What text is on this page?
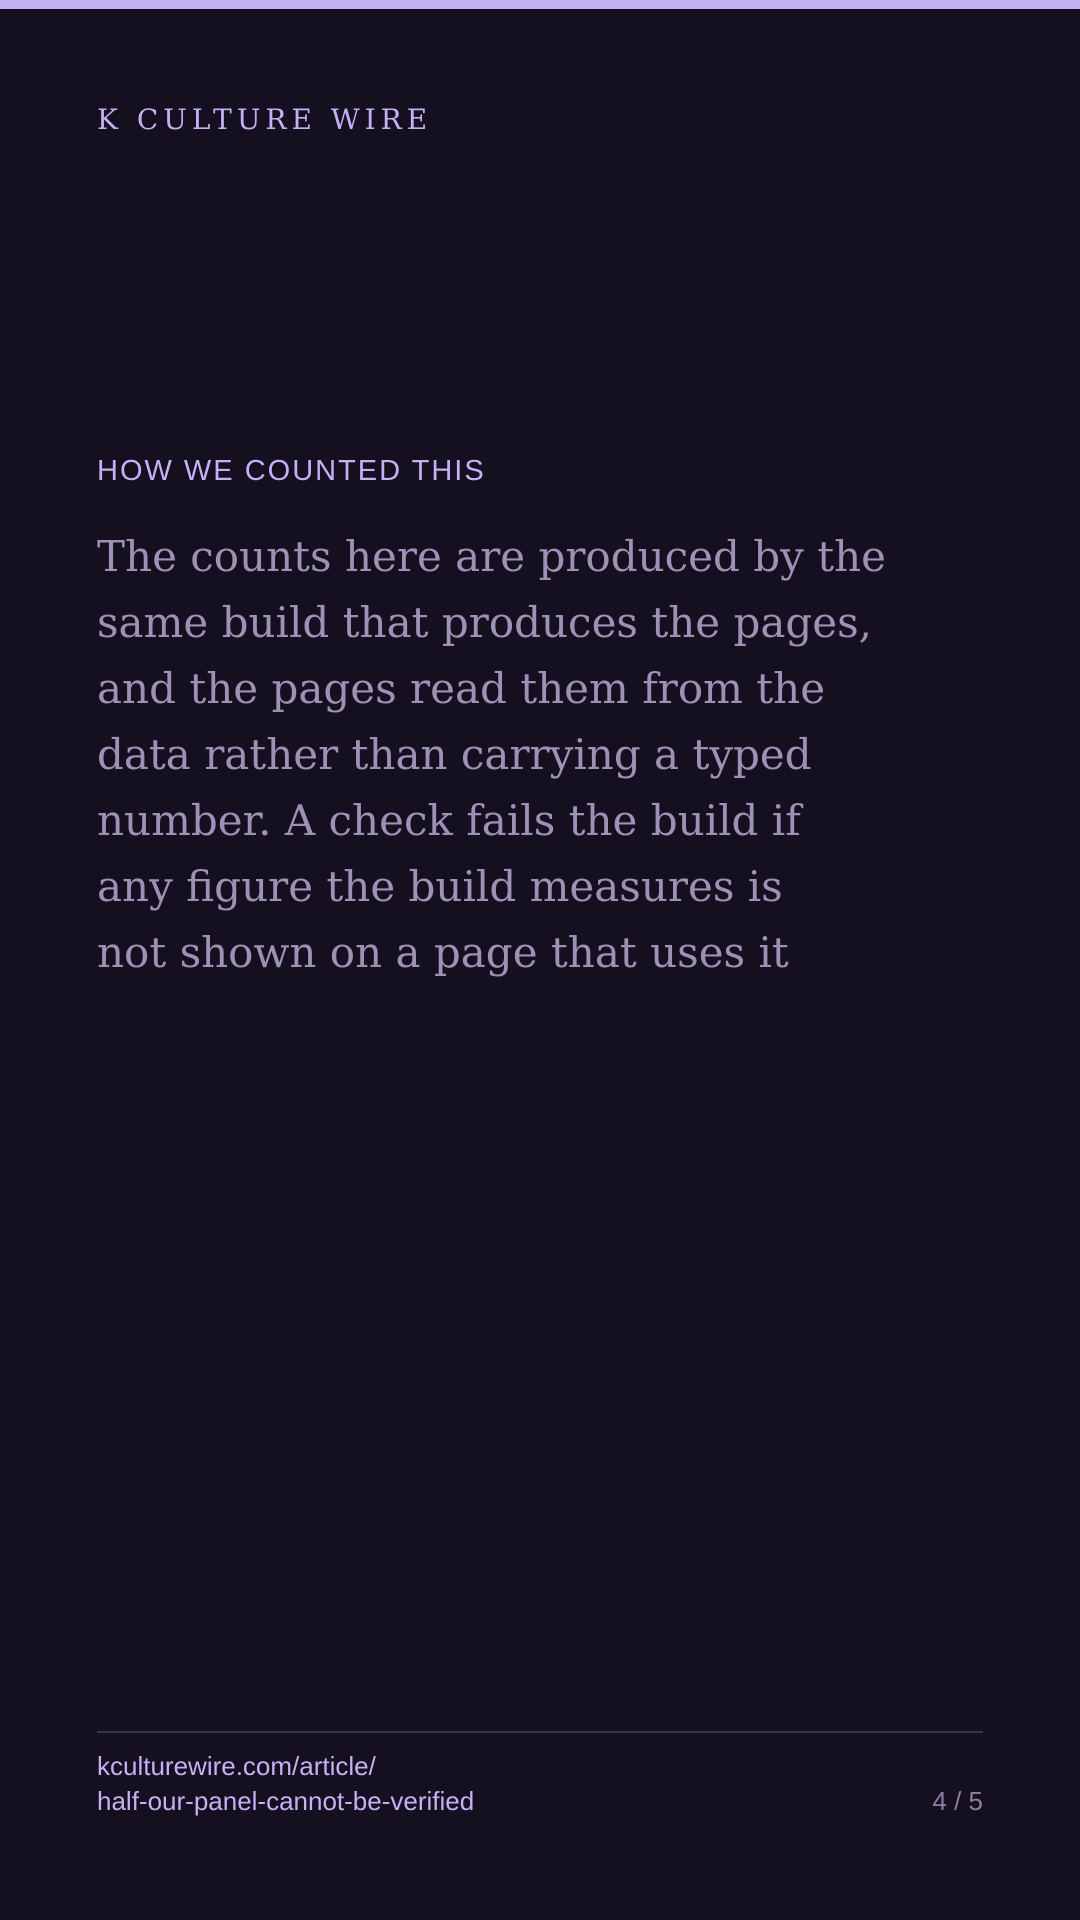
K CULTURE WIRE
HOW WE COUNTED THIS
The counts here are produced by the
same build that produces the pages,
and the pages read them from the
data rather than carrying a typed
number. A check fails the build if
any figure the build measures is
not shown on a page that uses it
kculturewire.com/article/
half-our-panel-cannot-be-verified	4 / 5
